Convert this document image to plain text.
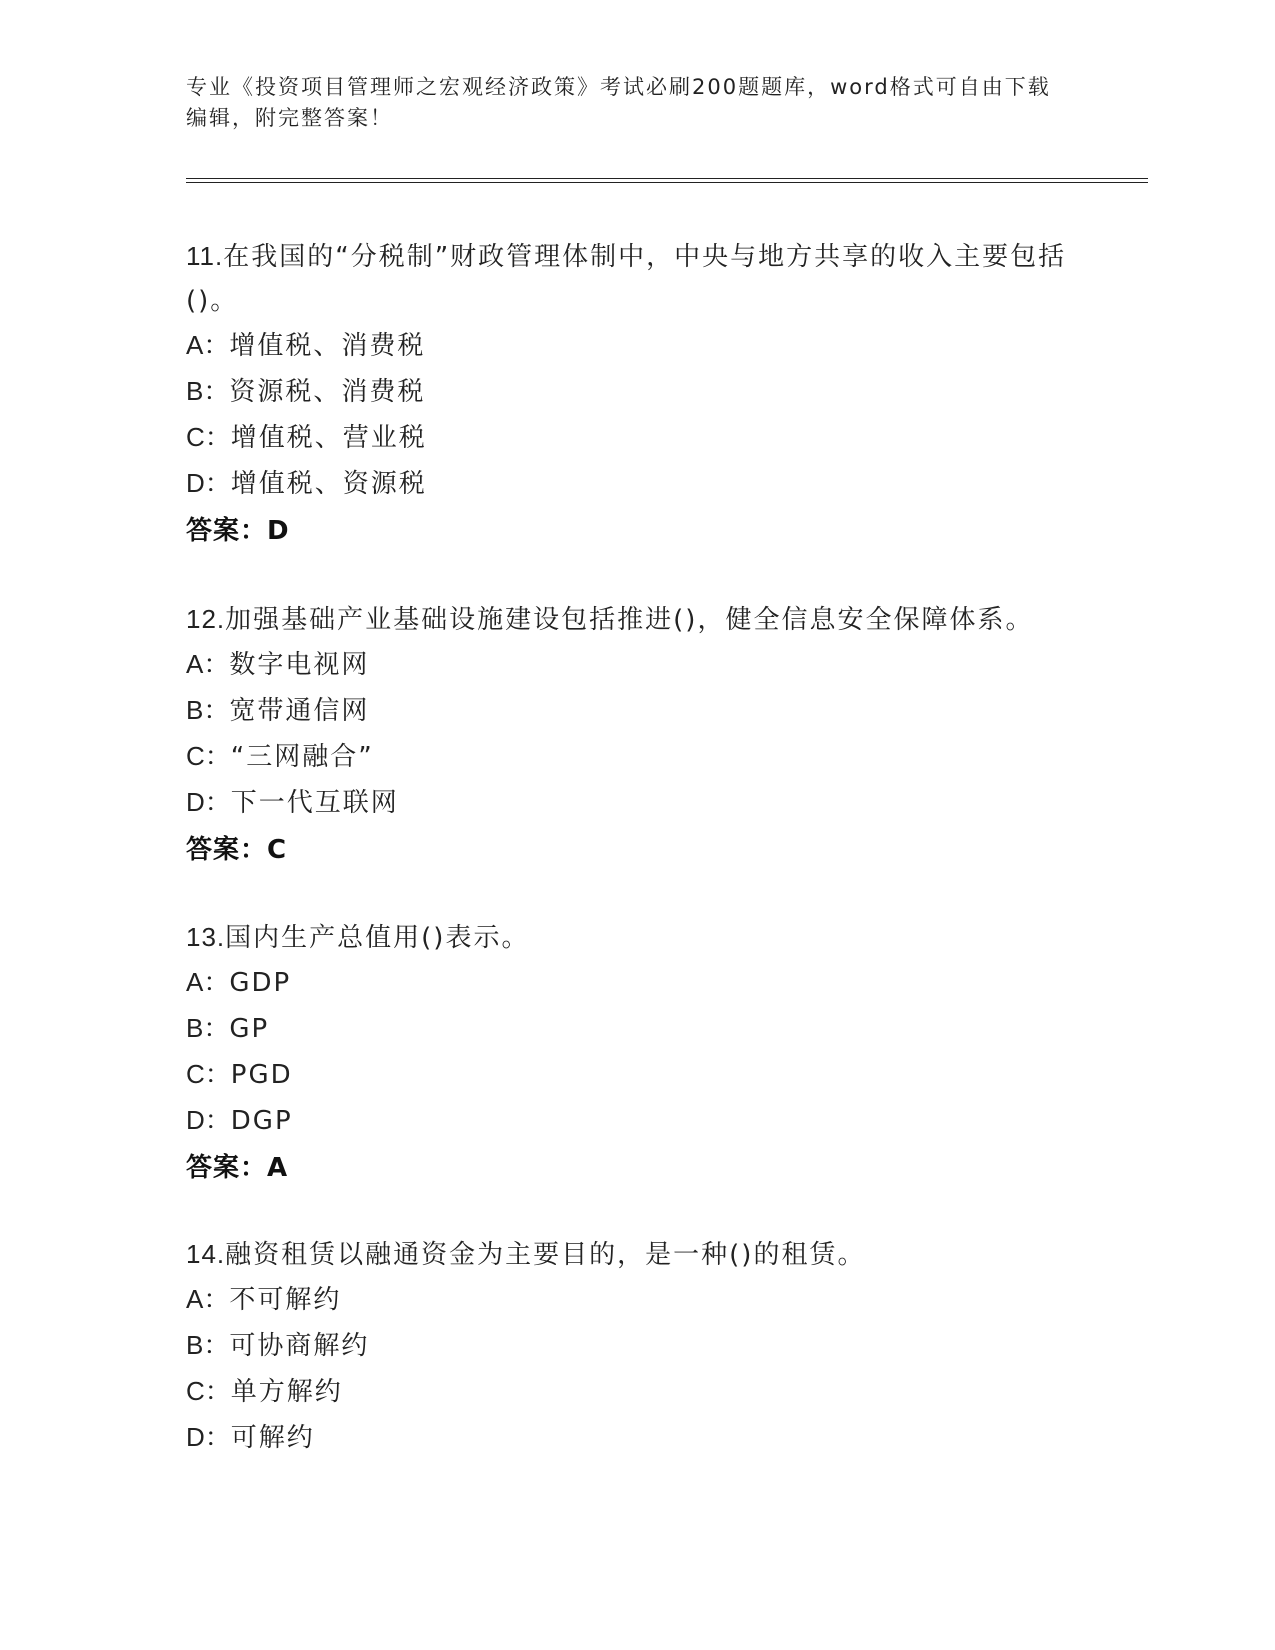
专业《投资项目管理师之宏观经济政策》考试必刷200题题库，word格式可自由下载编辑，附完整答案！
11.在我国的“分税制”财政管理体制中，中央与地方共享的收入主要包括()。
A：增值税、消费税
B：资源税、消费税
C：增值税、营业税
D：增值税、资源税
答案：D
12.加强基础产业基础设施建设包括推进()，健全信息安全保障体系。
A：数字电视网
B：宽带通信网
C：“三网融合”
D：下一代互联网
答案：C
13.国内生产总值用()表示。
A：GDP
B：GP
C：PGD
D：DGP
答案：A
14.融资租赁以融通资金为主要目的，是一种()的租赁。
A：不可解约
B：可协商解约
C：单方解约
D：可解约
